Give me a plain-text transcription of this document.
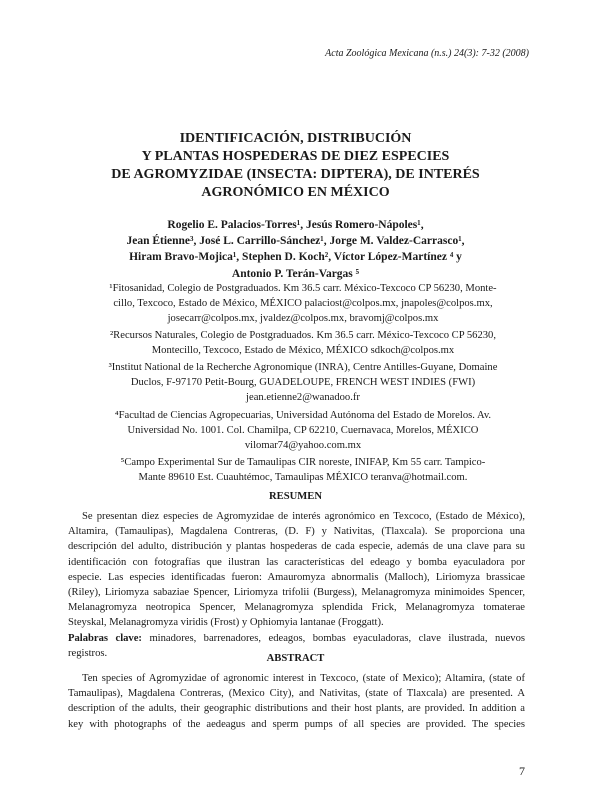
Acta Zoológica Mexicana (n.s.) 24(3): 7-32 (2008)
IDENTIFICACIÓN, DISTRIBUCIÓN
Y PLANTAS HOSPEDERAS DE DIEZ ESPECIES
DE AGROMYZIDAE (INSECTA: DIPTERA), DE INTERÉS
AGRONÓMICO EN MÉXICO
Rogelio E. Palacios-Torres¹, Jesús Romero-Nápoles¹,
Jean Étienne³, José L. Carrillo-Sánchez¹, Jorge M. Valdez-Carrasco¹,
Hiram Bravo-Mojica¹, Stephen D. Koch², Víctor López-Martínez ⁴ y
Antonio P. Terán-Vargas ⁵
¹Fitosanidad, Colegio de Postgraduados. Km 36.5 carr. México-Texcoco CP 56230, Monte-
cillo, Texcoco, Estado de México, MÉXICO palaciost@colpos.mx, jnapoles@colpos.mx,
josecarr@colpos.mx, jvaldez@colpos.mx, bravomj@colpos.mx
²Recursos Naturales, Colegio de Postgraduados. Km 36.5 carr. México-Texcoco CP 56230,
Montecillo, Texcoco, Estado de México, MÉXICO sdkoch@colpos.mx
³Institut National de la Recherche Agronomique (INRA), Centre Antilles-Guyane, Domaine
Duclos, F-97170 Petit-Bourg, GUADELOUPE, FRENCH WEST INDIES (FWI)
jean.etienne2@wanadoo.fr
⁴Facultad de Ciencias Agropecuarias, Universidad Autónoma del Estado de Morelos. Av.
Universidad No. 1001. Col. Chamilpa, CP 62210, Cuernavaca, Morelos, MÉXICO
vilomar74@yahoo.com.mx
⁵Campo Experimental Sur de Tamaulipas CIR noreste, INIFAP, Km 55 carr. Tampico-
Mante 89610 Est. Cuauhtémoc, Tamaulipas MÉXICO teranva@hotmail.com.
RESUMEN
Se presentan diez especies de Agromyzidae de interés agronómico en Texcoco, (Estado de México),
Altamira, (Tamaulipas), Magdalena Contreras, (D. F) y Nativitas, (Tlaxcala). Se proporciona una
descripción del adulto, distribución y plantas hospederas de cada especie, además de una clave para su
identificación con fotografías que ilustran las características del edeago y bomba eyaculadora por
especie. Las especies identificadas fueron: Amauromyza abnormalis (Malloch), Liriomyza brassicae
(Riley), Liriomyza sabaziae Spencer, Liriomyza trifolii (Burgess), Melanagromyza minimoides Spencer,
Melanagromyza neotropica Spencer, Melanagromyza splendida Frick, Melanagromyza tomaterae
Steyskal, Melanagromyza viridis (Frost) y Ophiomyia lantanae (Froggatt).
Palabras clave: minadores, barrenadores, edeagos, bombas eyaculadoras, clave ilustrada, nuevos
registros.	ABSTRACT
Ten species of Agromyzidae of agronomic interest in Texcoco, (state of Mexico); Altamira, (state of
Tamaulipas), Magdalena Contreras, (Mexico City), and Nativitas, (state of Tlaxcala) are presented. A
description of the adults, their geographic distributions and their host plants, are provided. In addition a
key with photographs of the aedeagus and sperm pumps of all species are provided. The species
7
